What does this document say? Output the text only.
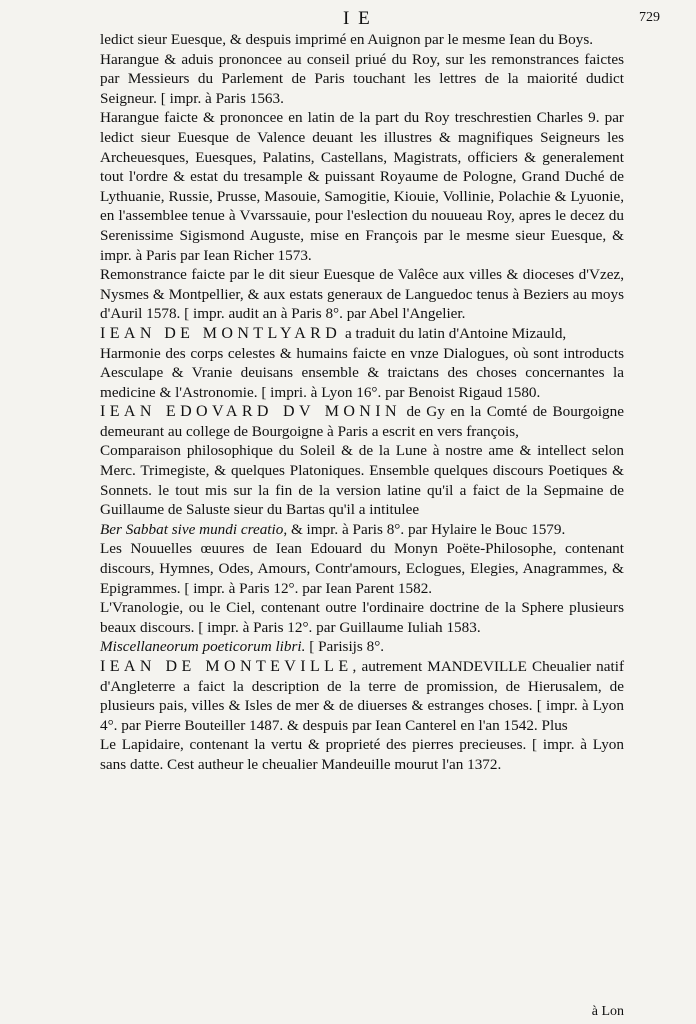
I E	729

ledict sieur Euesque, & despuis imprimé en Auignon par le mesme Iean du Boys.

Harangue & aduis prononcee au conseil priué du Roy, sur les remonstrances faictes par Messieurs du Parlement de Paris touchant les lettres de la maiorité dudict Seigneur. [ impr. à Paris 1563.

Harangue faicte & prononcee en latin de la part du Roy treschrestien Charles 9. par ledict sieur Euesque de Valence deuant les illustres & magnifiques Seigneurs les Archeuesques, Euesques, Palatins, Castellans, Magistrats, officiers & generalement tout l'ordre & estat du tresample & puissant Royaume de Pologne, Grand Duché de Lythuanie, Russie, Prusse, Masouie, Samogitie, Kiouie, Vollinie, Polachie & Lyuonie, en l'assemblee tenue à Vvarssauie, pour l'eslection du nouueau Roy, apres le decez du Serenissime Sigismond Auguste, mise en François par le mesme sieur Euesque, & impr. à Paris par Iean Richer 1573.

Remonstrance faicte par le dit sieur Euesque de Valêce aux villes & dioceses d'Vzez, Nysmes & Montpellier, & aux estats generaux de Languedoc tenus à Beziers au moys d'Auril 1578. [ impr. audit an à Paris 8°. par Abel l'Angelier.

IEAN DE MONTLYARD a traduit du latin d'Antoine Mizauld,

Harmonie des corps celestes & humains faicte en vnze Dialogues, où sont introducts Aesculape & Vranie deuisans ensemble & traictans des choses concernantes la medicine & l'Astronomie. [ impri. à Lyon 16°. par Benoist Rigaud 1580.

IEAN EDOVARD DV MONIN de Gy en la Comté de Bourgoigne demeurant au college de Bourgoigne à Paris a escrit en vers françois,

Comparaison philosophique du Soleil & de la Lune à nostre ame & intellect selon Merc. Trimegiste, & quelques Platoniques. Ensemble quelques discours Poetiques & Sonnets. le tout mis sur la fin de la version latine qu'il a faict de la Sepmaine de Guillaume de Saluste sieur du Bartas qu'il a intitulee

Ber Sabbat sive mundi creatio, & impr. à Paris 8°. par Hylaire le Bouc 1579.

Les Nouuelles œuures de Iean Edouard du Monyn Poëte-Philosophe, contenant discours, Hymnes, Odes, Amours, Contr'amours, Eclogues, Elegies, Anagrammes, & Epigrammes. [ impr. à Paris 12°. par Iean Parent 1582.

L'Vranologie, ou le Ciel, contenant outre l'ordinaire doctrine de la Sphere plusieurs beaux discours. [ impr. à Paris 12°. par Guillaume Iuliah 1583.

Miscellaneorum poeticorum libri. [ Parisijs 8°.

IEAN DE MONTEVILLE, autrement MANDEVILLE Cheualier natif d'Angleterre a faict la description de la terre de promission, de Hierusalem, de plusieurs pais, villes & Isles de mer & de diuerses & estranges choses. [ impr. à Lyon 4°. par Pierre Bouteiller 1487. & despuis par Iean Canterel en l'an 1542. Plus

Le Lapidaire, contenant la vertu & proprieté des pierres precieuses. [ impr. à Lyon sans datte. Cest autheur le cheualier Mandeuille mourut l'an 1372.

à Lon
